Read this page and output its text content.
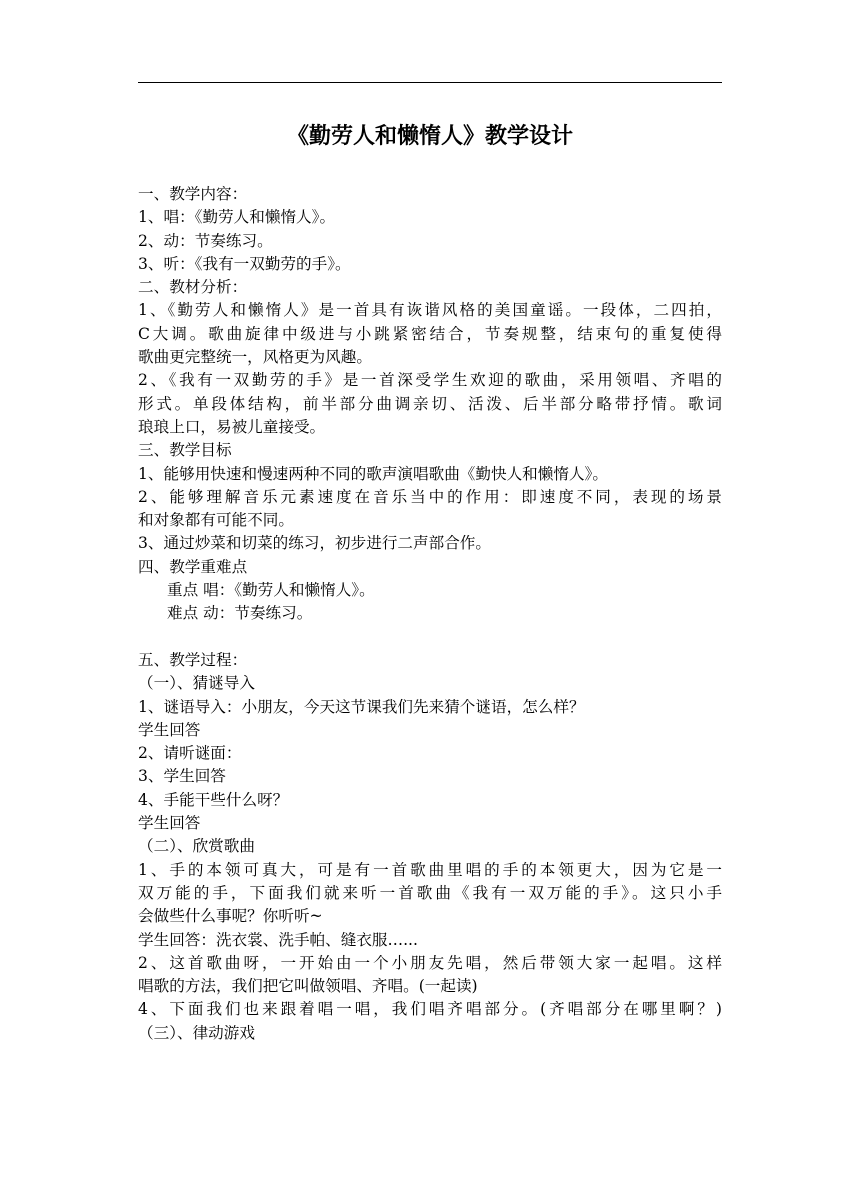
《勤劳人和懒惰人》教学设计
一、教学内容：
1、唱：《勤劳人和懒惰人》。
2、动：节奏练习。
3、听：《我有一双勤劳的手》。
二、教材分析：
1、《勤劳人和懒惰人》是一首具有诙谐风格的美国童谣。一段体，二四拍，
C大调。歌曲旋律中级进与小跳紧密结合，节奏规整，结束句的重复使得
歌曲更完整统一，风格更为风趣。
2、《我有一双勤劳的手》是一首深受学生欢迎的歌曲，采用领唱、齐唱的
形式。单段体结构，前半部分曲调亲切、活泼、后半部分略带抒情。歌词
琅琅上口，易被儿童接受。
三、教学目标
1、能够用快速和慢速两种不同的歌声演唱歌曲《勤快人和懒惰人》。
2、能够理解音乐元素速度在音乐当中的作用：即速度不同，表现的场景
和对象都有可能不同。
3、通过炒菜和切菜的练习，初步进行二声部合作。
四、教学重难点
重点 唱：《勤劳人和懒惰人》。
难点 动：节奏练习。
五、教学过程：
（一）、猜谜导入
1、谜语导入：小朋友，今天这节课我们先来猜个谜语，怎么样？
学生回答
2、请听谜面：
3、学生回答
4、手能干些什么呀？
学生回答
（二）、欣赏歌曲
1、手的本领可真大，可是有一首歌曲里唱的手的本领更大，因为它是一
双万能的手，下面我们就来听一首歌曲《我有一双万能的手》。这只小手
会做些什么事呢？你听听~
学生回答：洗衣裳、洗手帕、缝衣服…...
2、这首歌曲呀，一开始由一个小朋友先唱，然后带领大家一起唱。这样
唱歌的方法，我们把它叫做领唱、齐唱。(一起读)
4、下面我们也来跟着唱一唱，我们唱齐唱部分。(齐唱部分在哪里啊？)
（三）、律动游戏
